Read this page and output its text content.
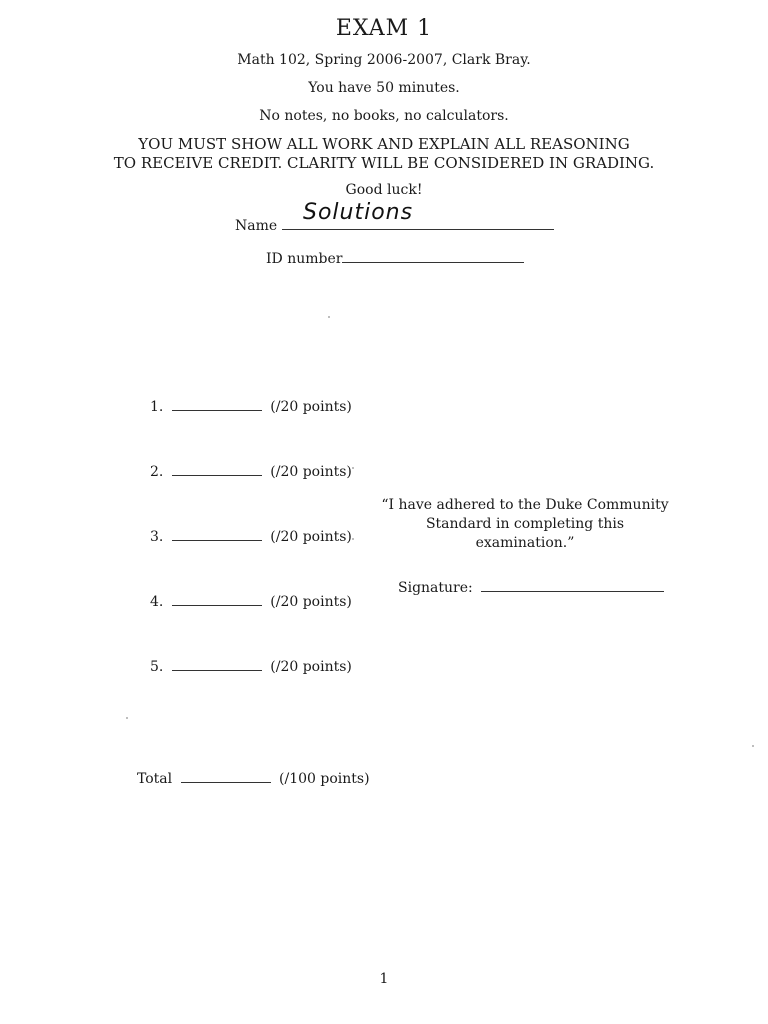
EXAM 1
Math 102, Spring 2006-2007, Clark Bray.
You have 50 minutes.
No notes, no books, no calculators.
YOU MUST SHOW ALL WORK AND EXPLAIN ALL REASONING
TO RECEIVE CREDIT. CLARITY WILL BE CONSIDERED IN GRADING.
Good luck!
Name
Solutions
ID number
1.	(/20 points)
2.	(/20 points)
3.	(/20 points)
4.	(/20 points)
5.	(/20 points)
Total	(/100 points)
“I have adhered to the Duke Community
Standard in completing this
examination.”
Signature:
1
